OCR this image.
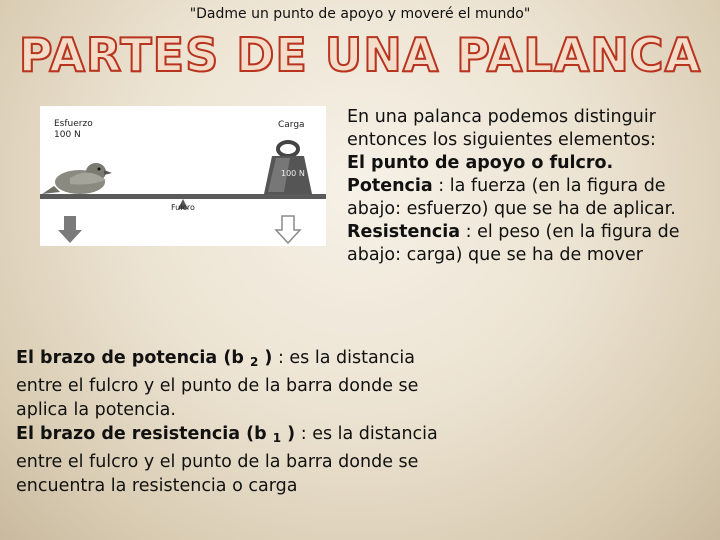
"Dadme un punto de apoyo y moveré el mundo"
PARTES DE UNA PALANCA
Esfuerzo
100 N
Carga
100 N
Fulcro
En una palanca podemos distinguir entonces los siguientes elementos:
El punto de apoyo o fulcro.
Potencia : la fuerza (en la figura de abajo: esfuerzo) que se ha de aplicar.
Resistencia : el peso (en la figura de abajo: carga) que se ha de mover
El brazo de potencia (b $_2$ ) : es la distancia entre el fulcro y el punto de la barra donde se aplica la potencia.
El brazo de resistencia (b $_1$ ) : es la distancia entre el fulcro y el punto de la barra donde se encuentra la resistencia o carga
